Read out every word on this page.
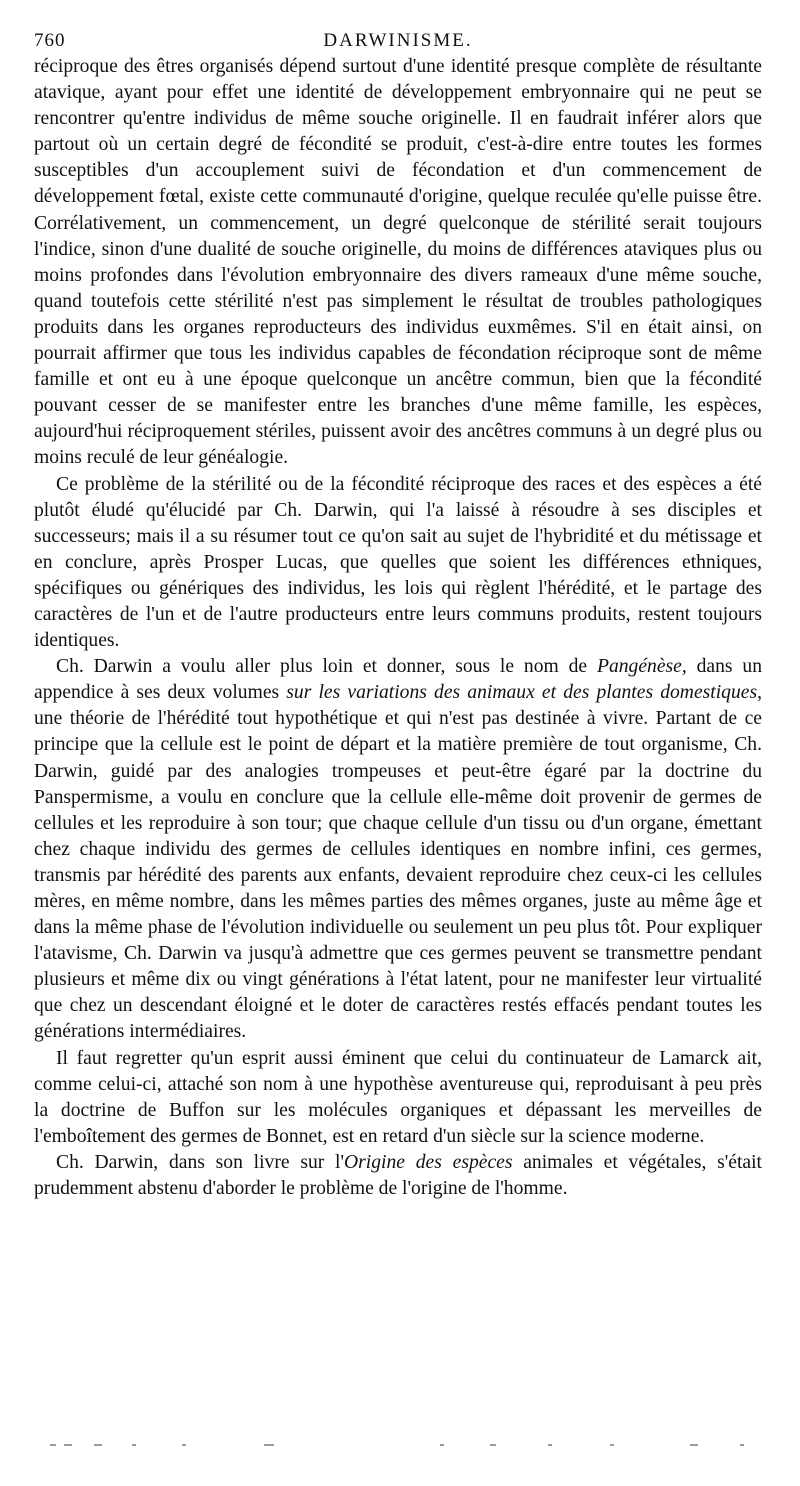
760	DARWINISME.

réciproque des êtres organisés dépend surtout d'une identité presque complète de résultante atavique, ayant pour effet une identité de développement embryonnaire qui ne peut se rencontrer qu'entre individus de même souche originelle. Il en faudrait inférer alors que partout où un certain degré de fécondité se produit, c'est-à-dire entre toutes les formes susceptibles d'un accouplement suivi de fécondation et d'un commencement de développement fœtal, existe cette communauté d'origine, quelque reculée qu'elle puisse être. Corrélativement, un commencement, un degré quelconque de stérilité serait toujours l'indice, sinon d'une dualité de souche originelle, du moins de différences ataviques plus ou moins profondes dans l'évolution embryonnaire des divers rameaux d'une même souche, quand toutefois cette stérilité n'est pas simplement le résultat de troubles pathologiques produits dans les organes reproducteurs des individus euxmêmes. S'il en était ainsi, on pourrait affirmer que tous les individus capables de fécondation réciproque sont de même famille et ont eu à une époque quelconque un ancêtre commun, bien que la fécondité pouvant cesser de se manifester entre les branches d'une même famille, les espèces, aujourd'hui réciproquement stériles, puissent avoir des ancêtres communs à un degré plus ou moins reculé de leur généalogie.

Ce problème de la stérilité ou de la fécondité réciproque des races et des espèces a été plutôt éludé qu'élucidé par Ch. Darwin, qui l'a laissé à résoudre à ses disciples et successeurs; mais il a su résumer tout ce qu'on sait au sujet de l'hybridité et du métissage et en conclure, après Prosper Lucas, que quelles que soient les différences ethniques, spécifiques ou génériques des individus, les lois qui règlent l'hérédité, et le partage des caractères de l'un et de l'autre producteurs entre leurs communs produits, restent toujours identiques.

Ch. Darwin a voulu aller plus loin et donner, sous le nom de Pangénèse, dans un appendice à ses deux volumes sur les variations des animaux et des plantes domestiques, une théorie de l'hérédité tout hypothétique et qui n'est pas destinée à vivre. Partant de ce principe que la cellule est le point de départ et la matière première de tout organisme, Ch. Darwin, guidé par des analogies trompeuses et peut-être égaré par la doctrine du Panspermisme, a voulu en conclure que la cellule elle-même doit provenir de germes de cellules et les reproduire à son tour; que chaque cellule d'un tissu ou d'un organe, émettant chez chaque individu des germes de cellules identiques en nombre infini, ces germes, transmis par hérédité des parents aux enfants, devaient reproduire chez ceux-ci les cellules mères, en même nombre, dans les mêmes parties des mêmes organes, juste au même âge et dans la même phase de l'évolution individuelle ou seulement un peu plus tôt. Pour expliquer l'atavisme, Ch. Darwin va jusqu'à admettre que ces germes peuvent se transmettre pendant plusieurs et même dix ou vingt générations à l'état latent, pour ne manifester leur virtualité que chez un descendant éloigné et le doter de caractères restés effacés pendant toutes les générations intermédiaires.

Il faut regretter qu'un esprit aussi éminent que celui du continuateur de Lamarck ait, comme celui-ci, attaché son nom à une hypothèse aventureuse qui, reproduisant à peu près la doctrine de Buffon sur les molécules organiques et dépassant les merveilles de l'emboîtement des germes de Bonnet, est en retard d'un siècle sur la science moderne.

Ch. Darwin, dans son livre sur l'Origine des espèces animales et végétales, s'était prudemment abstenu d'aborder le problème de l'origine de l'homme.
